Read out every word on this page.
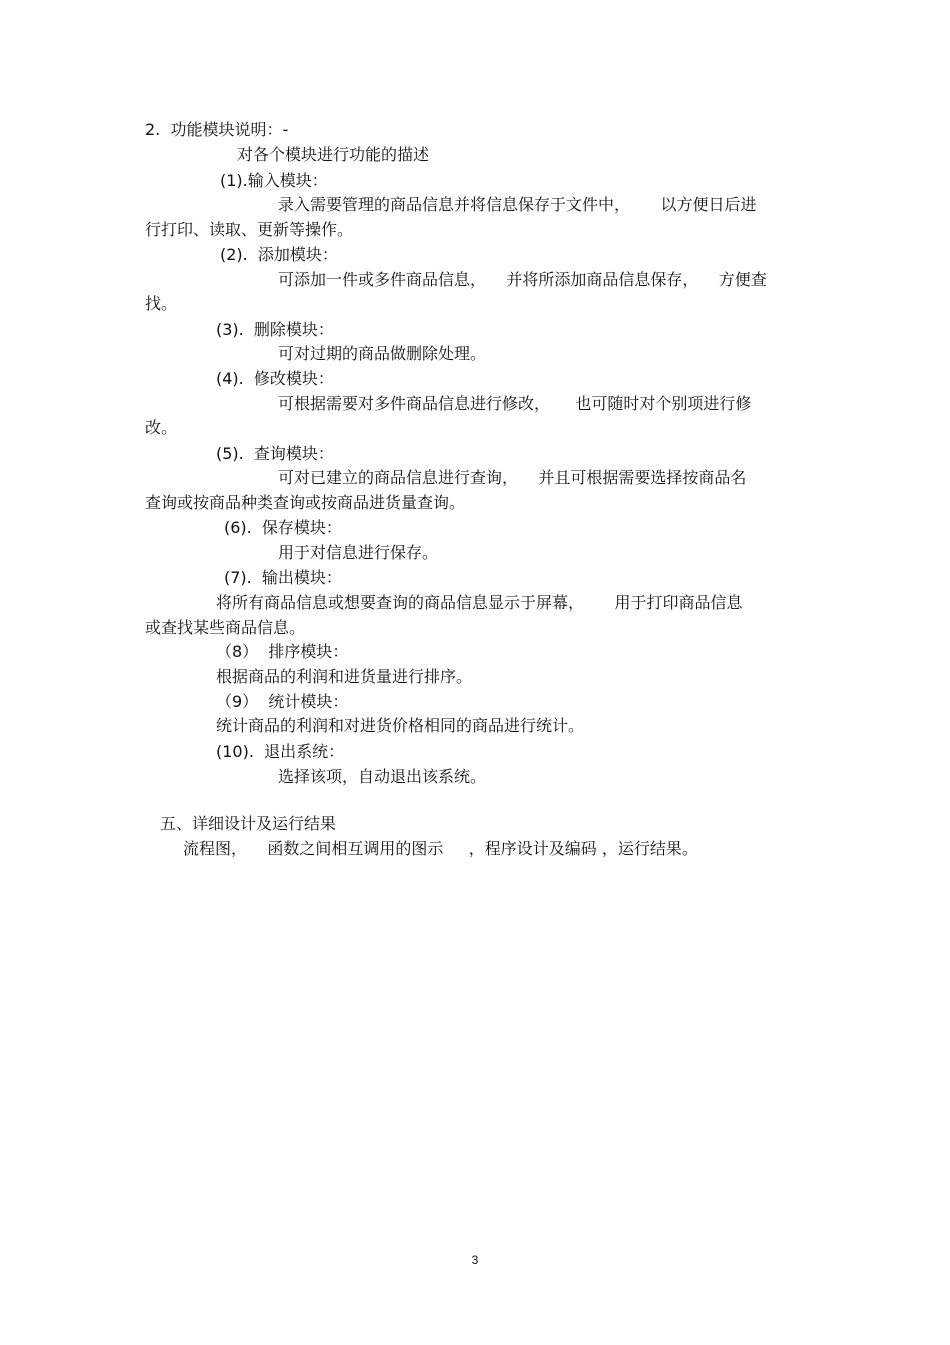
2.  功能模块说明：-

对各个模块进行功能的描述

(1).输入模块：

录入需要管理的商品信息并将信息保存于文件中，      以方便日后进

行打印、读取、更新等操作。

(2).  添加模块：

可添加一件或多件商品信息，    并将所添加商品信息保存，    方便查

找。

(3).  删除模块：

可对过期的商品做删除处理。

(4).  修改模块：

可根据需要对多件商品信息进行修改，     也可随时对个别项进行修

改。

(5).  查询模块：

可对已建立的商品信息进行查询，    并且可根据需要选择按商品名

查询或按商品种类查询或按商品进货量查询。

(6).  保存模块：

用于对信息进行保存。

(7).  输出模块：

将所有商品信息或想要查询的商品信息显示于屏幕，      用于打印商品信息

或查找某些商品信息。

（8）  排序模块：

根据商品的利润和进货量进行排序。

（9）  统计模块：

统计商品的利润和对进货价格相同的商品进行统计。

(10).  退出系统：

选择该项，自动退出该系统。

五、详细设计及运行结果

流程图，    函数之间相互调用的图示     ，程序设计及编码 ，运行结果。

3
